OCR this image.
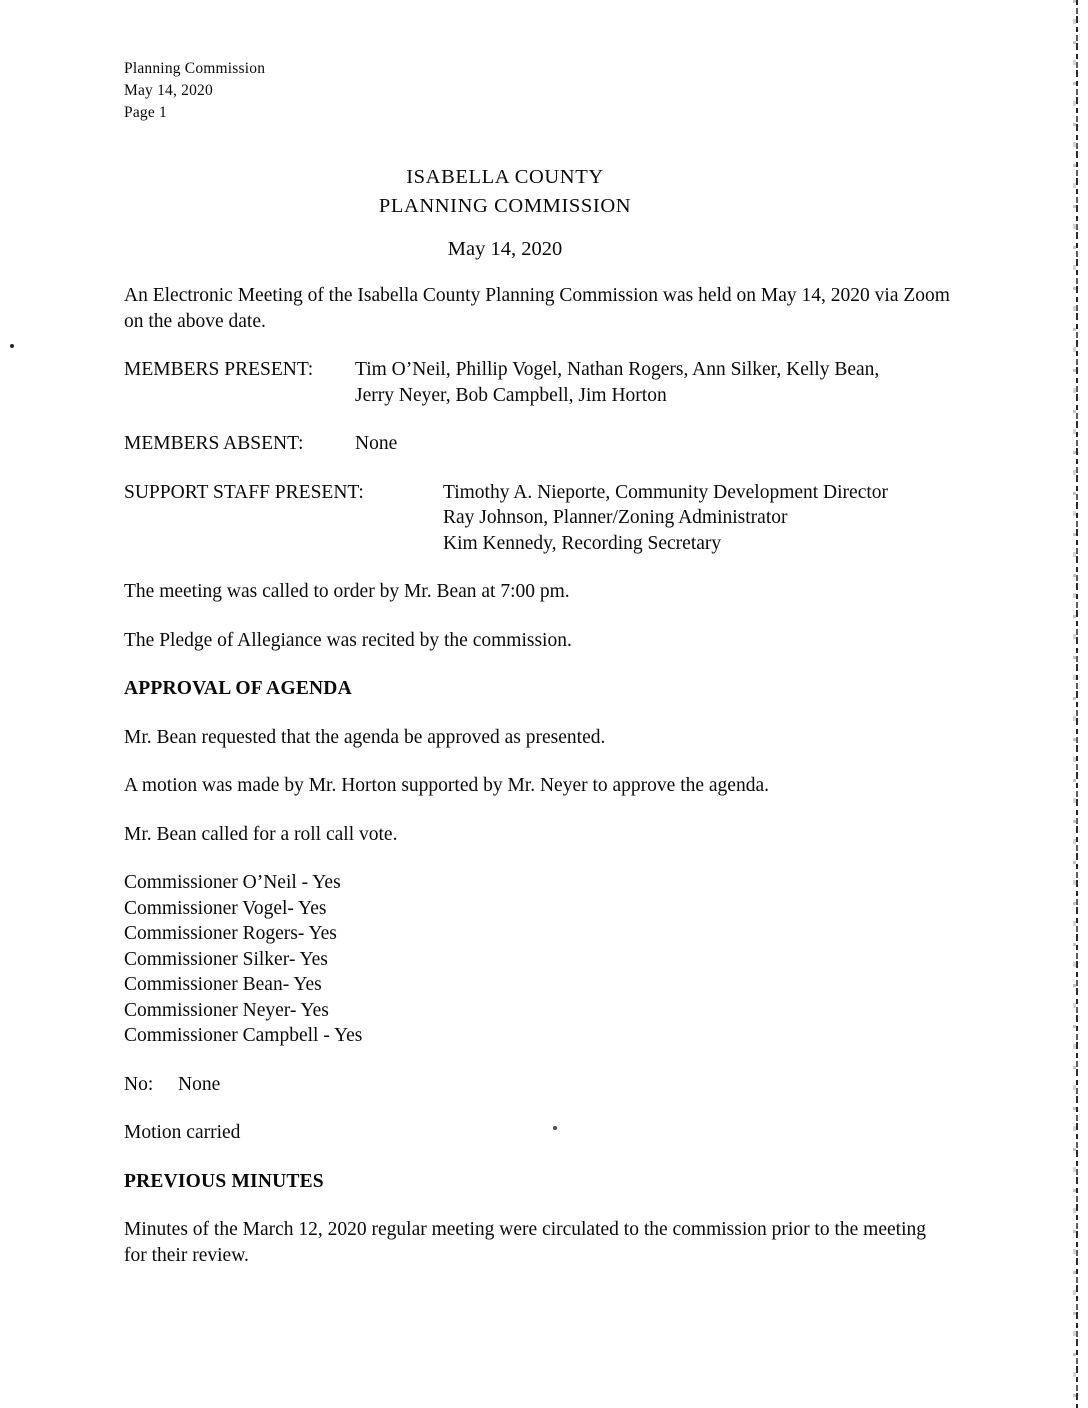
Planning Commission
May 14, 2020
Page 1
ISABELLA COUNTY
PLANNING COMMISSION
May 14, 2020

An Electronic Meeting of the Isabella County Planning Commission was held on May 14, 2020 via Zoom on the above date.

MEMBERS PRESENT:	Tim O’Neil, Phillip Vogel, Nathan Rogers, Ann Silker, Kelly Bean, Jerry Neyer, Bob Campbell, Jim Horton
MEMBERS ABSENT:	None
SUPPORT STAFF PRESENT:	Timothy A. Nieporte, Community Development Director
Ray Johnson, Planner/Zoning Administrator
Kim Kennedy, Recording Secretary

The meeting was called to order by Mr. Bean at 7:00 pm.

The Pledge of Allegiance was recited by the commission.

APPROVAL OF AGENDA

Mr. Bean requested that the agenda be approved as presented.

A motion was made by Mr. Horton supported by Mr. Neyer to approve the agenda.

Mr. Bean called for a roll call vote.

Commissioner O’Neil - Yes
Commissioner Vogel- Yes
Commissioner Rogers- Yes
Commissioner Silker- Yes
Commissioner Bean- Yes
Commissioner Neyer- Yes
Commissioner Campbell - Yes
No:	None

Motion carried

PREVIOUS MINUTES

Minutes of the March 12, 2020 regular meeting were circulated to the commission prior to the meeting for their review.
